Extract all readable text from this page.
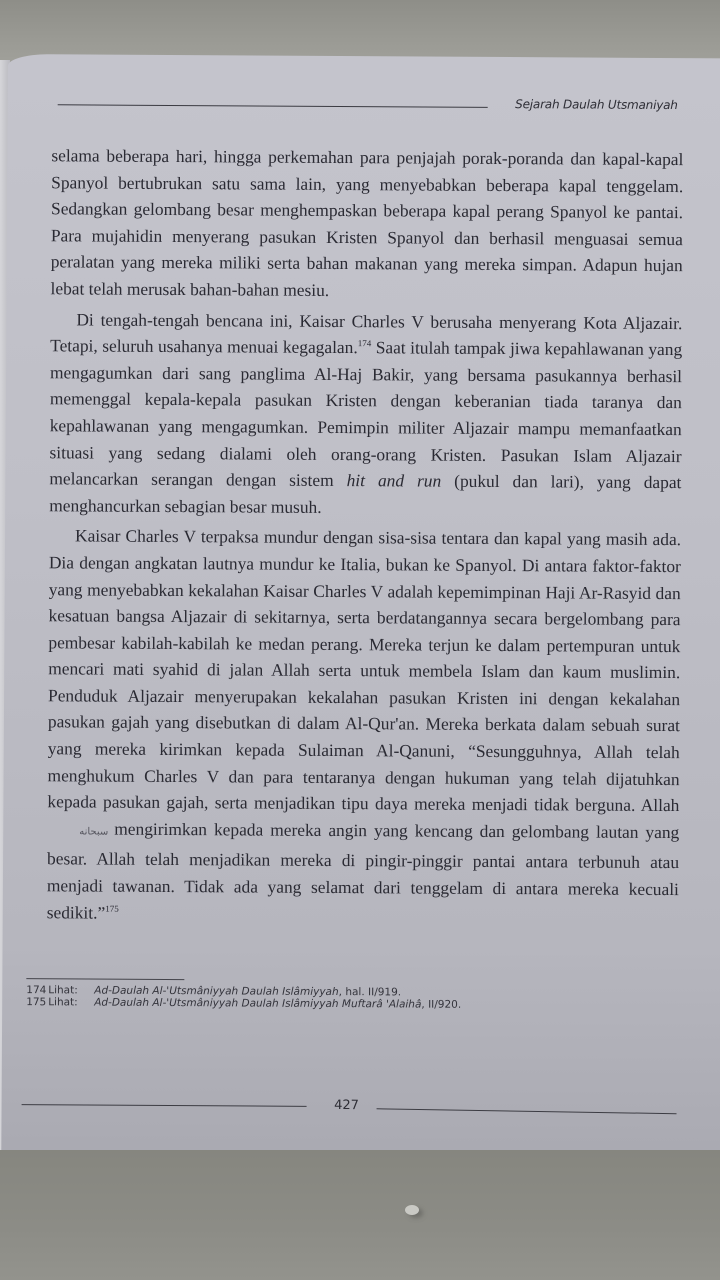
Sejarah Daulah Utsmaniyah

selama beberapa hari, hingga perkemahan para penjajah porak-poranda dan kapal-kapal Spanyol bertubrukan satu sama lain, yang menyebabkan beberapa kapal tenggelam. Sedangkan gelombang besar menghempaskan beberapa kapal perang Spanyol ke pantai. Para mujahidin menyerang pasukan Kristen Spanyol dan berhasil menguasai semua peralatan yang mereka miliki serta bahan makanan yang mereka simpan. Adapun hujan lebat telah merusak bahan-bahan mesiu.

Di tengah-tengah bencana ini, Kaisar Charles V berusaha menyerang Kota Aljazair. Tetapi, seluruh usahanya menuai kegagalan.$^{174}$ Saat itulah tampak jiwa kepahlawanan yang mengagumkan dari sang panglima Al-Haj Bakir, yang bersama pasukannya berhasil memenggal kepala-kepala pasukan Kristen dengan keberanian tiada taranya dan kepahlawanan yang mengagumkan. Pemimpin militer Aljazair mampu memanfaatkan situasi yang sedang dialami oleh orang-orang Kristen. Pasukan Islam Aljazair melancarkan serangan dengan sistem hit and run (pukul dan lari), yang dapat menghancurkan sebagian besar musuh.

Kaisar Charles V terpaksa mundur dengan sisa-sisa tentara dan kapal yang masih ada. Dia dengan angkatan lautnya mundur ke Italia, bukan ke Spanyol. Di antara faktor-faktor yang menyebabkan kekalahan Kaisar Charles V adalah kepemimpinan Haji Ar-Rasyid dan kesatuan bangsa Aljazair di sekitarnya, serta berdatangannya secara bergelombang para pembesar kabilah-kabilah ke medan perang. Mereka terjun ke dalam pertempuran untuk mencari mati syahid di jalan Allah serta untuk membela Islam dan kaum muslimin. Penduduk Aljazair menyerupakan kekalahan pasukan Kristen ini dengan kekalahan pasukan gajah yang disebutkan di dalam Al-Qur'an. Mereka berkata dalam sebuah surat yang mereka kirimkan kepada Sulaiman Al-Qanuni, “Sesungguhnya, Allah telah menghukum Charles V dan para tentaranya dengan hukuman yang telah dijatuhkan kepada pasukan gajah, serta menjadikan tipu daya mereka menjadi tidak berguna. Allahسبحانه mengirimkan kepada mereka angin yang kencang dan gelombang lautan yang besar. Allah telah menjadikan mereka di pingir-pinggir pantai antara terbunuh atau menjadi tawanan. Tidak ada yang selamat dari tenggelam di antara mereka kecuali sedikit.”$^{175}$

174 Lihat: Ad-Daulah Al-'Utsmâniyyah Daulah Islâmiyyah, hal. II/919.
175 Lihat: Ad-Daulah Al-'Utsmâniyyah Daulah Islâmiyyah Muftarâ 'Alaihâ, II/920.
427
